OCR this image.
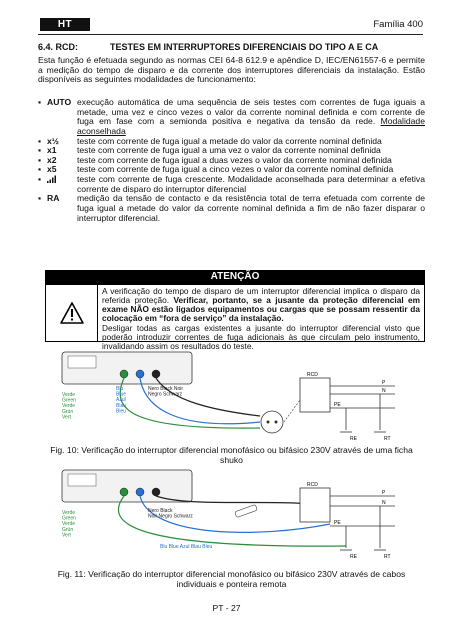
HT	Família 400
6.4. RCD:	TESTES EM INTERRUPTORES DIFERENCIAIS DO TIPO A E CA
Esta função é efetuada segundo as normas CEI 64-8 612.9 e apêndice D, IEC/EN61557-6 e permite a medição do tempo de disparo e da corrente dos interruptores diferenciais da instalação. Estão disponíveis as seguintes modalidades de funcionamento:
▪ AUTO execução automática de uma sequência de seis testes com correntes de fuga iguais a metade, uma vez e cinco vezes o valor da corrente nominal definida e com corrente de fuga em fase com a semionda positiva e negativa da tensão da rede. Modalidade aconselhada
▪ x½	teste com corrente de fuga igual a metade do valor da corrente nominal definida
▪ x1	teste com corrente de fuga igual a uma vez o valor da corrente nominal definida
▪ x2	teste com corrente de fuga igual a duas vezes o valor da corrente nominal definida
▪ x5	teste com corrente de fuga igual a cinco vezes o valor da corrente nominal definida
▪	teste com corrente de fuga crescente. Modalidade aconselhada para determinar a efetiva corrente de disparo do interruptor diferencial
▪ RA	medição da tensão de contacto e da resistência total de terra efetuada com corrente de fuga igual a metade do valor da corrente nominal definida a fim de não fazer disparar o interruptor diferencial.
ATENÇÃO
A verificação do tempo de disparo de um interruptor diferencial implica o disparo da referida proteção. Verificar, portanto, se a jusante da proteção diferencial em exame NÃO estão ligados equipamentos ou cargas que se possam ressentir da colocação em “fora de serviço” da instalação.
Desligar todas as cargas existentes a jusante do interruptor diferencial visto que poderão introduzir correntes de fuga adicionais às que circulam pelo instrumento, invalidando assim os resultados do teste.
Verde Green Verde Grün Vert
Blu Blue Azul Blau Bleu
Nero Black Noir Negro Schwarz
RCD
P
N
PE
RE	RT
Fig. 10: Verificação do interruptor diferencial monofásico ou bifásico 230V através de uma ficha shuko
Nero Black Noir Negro Schwarz
Verde Green Verde Grün Vert
Blu Blue Azul Blau Bleu
RCD
P
N
PE
RE	RT
Fig. 11: Verificação do interruptor diferencial monofásico ou bifásico 230V através de cabos individuais e ponteira remota
PT - 27
